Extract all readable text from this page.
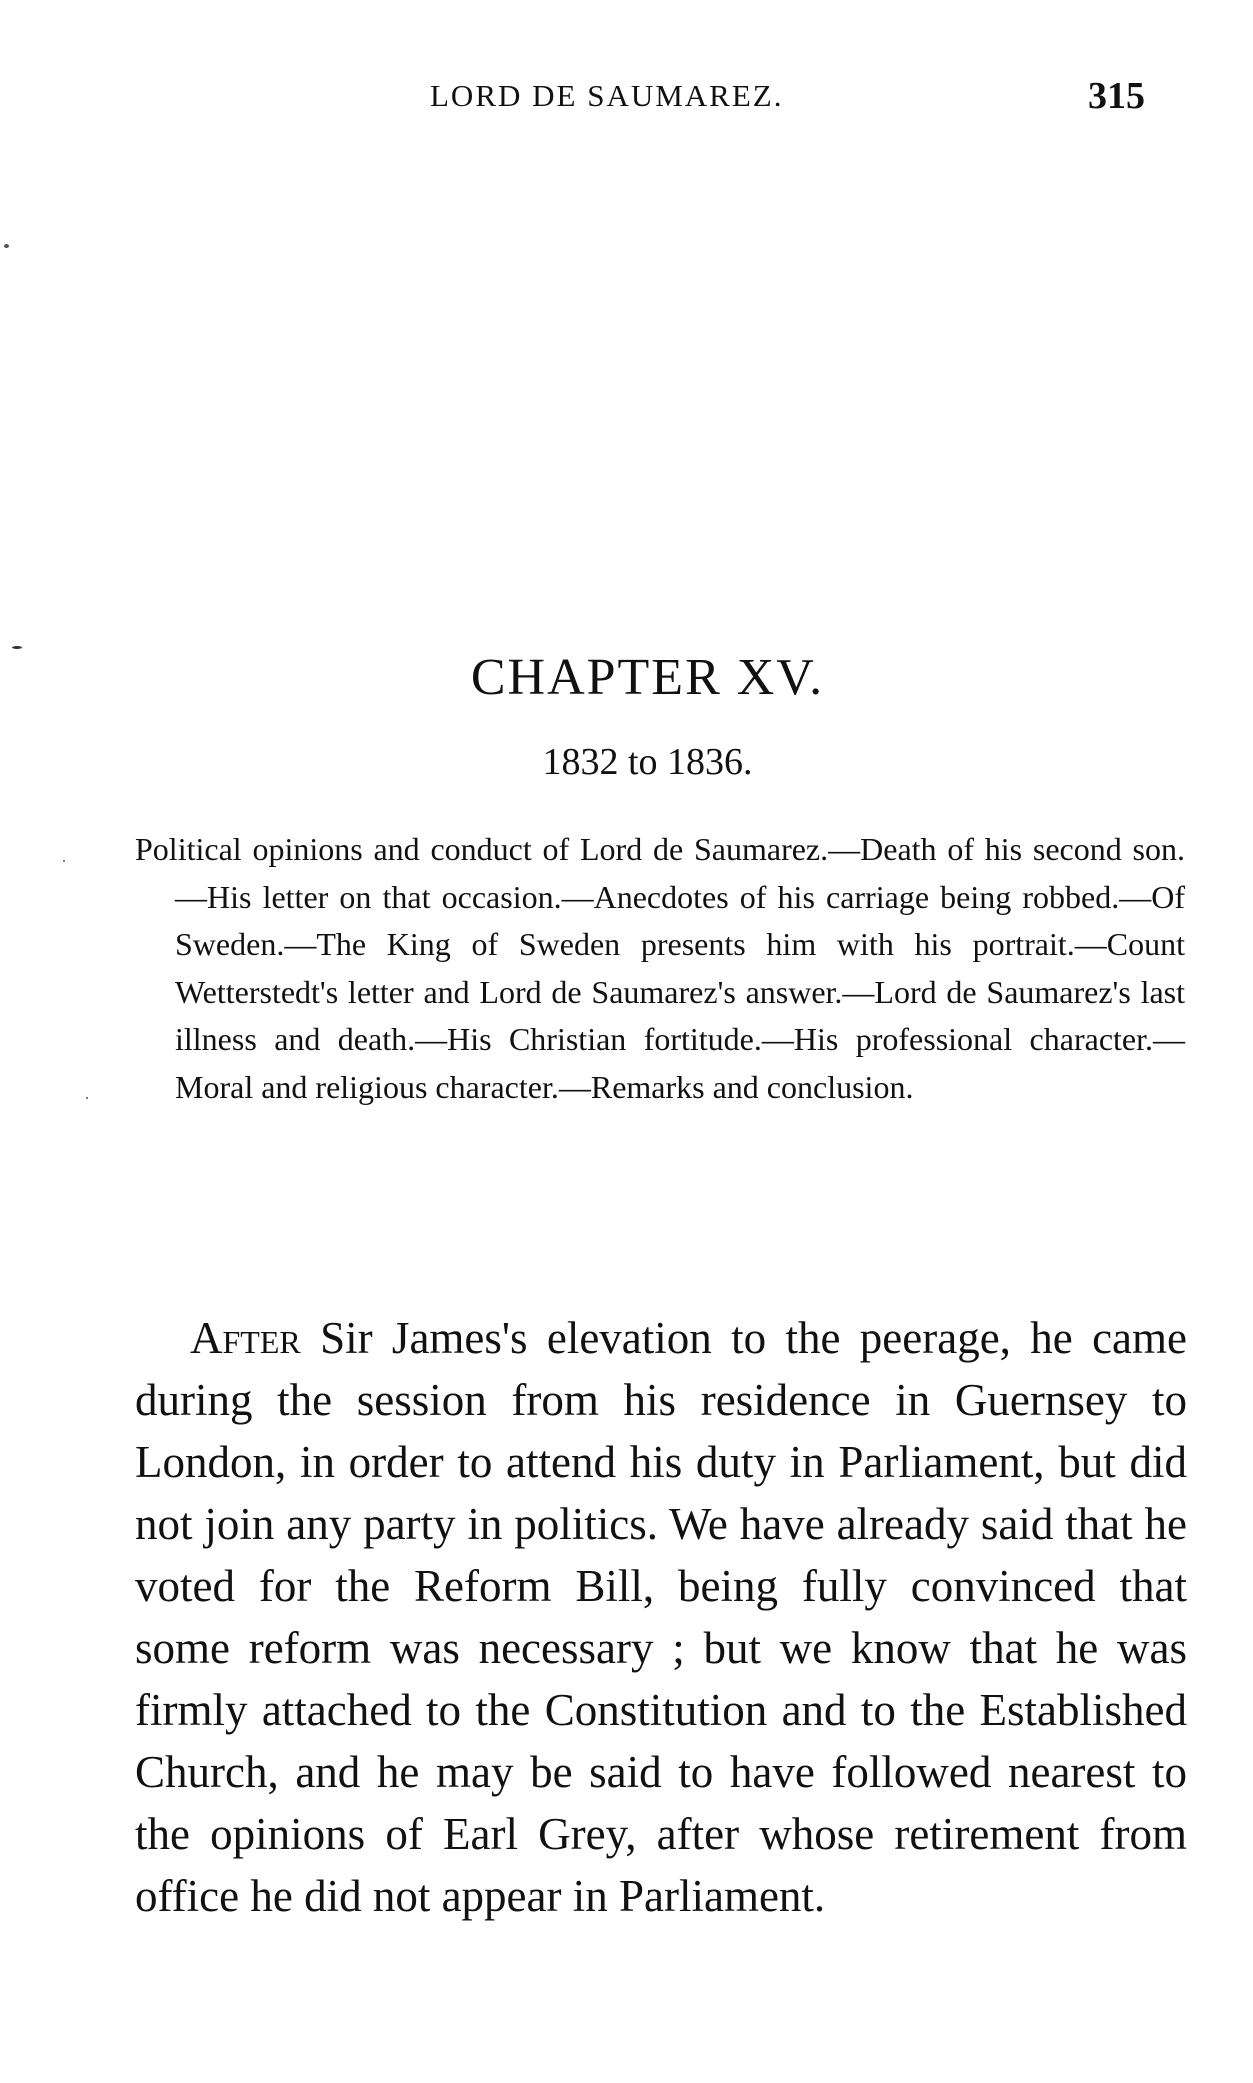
LORD DE SAUMAREZ.	315
CHAPTER XV.
1832 to 1836.
Political opinions and conduct of Lord de Saumarez.—Death of his second son.—His letter on that occasion.—Anecdotes of his carriage being robbed.—Of Sweden.—The King of Sweden presents him with his portrait.—Count Wetterstedt's letter and Lord de Saumarez's answer.—Lord de Saumarez's last illness and death.—His Christian fortitude.—His professional character.—Moral and religious character.—Remarks and conclusion.

After Sir James's elevation to the peerage, he came during the session from his residence in Guernsey to London, in order to attend his duty in Parliament, but did not join any party in politics. We have already said that he voted for the Reform Bill, being fully convinced that some reform was necessary ; but we know that he was firmly attached to the Constitution and to the Established Church, and he may be said to have followed nearest to the opinions of Earl Grey, after whose retirement from office he did not appear in Parliament.
